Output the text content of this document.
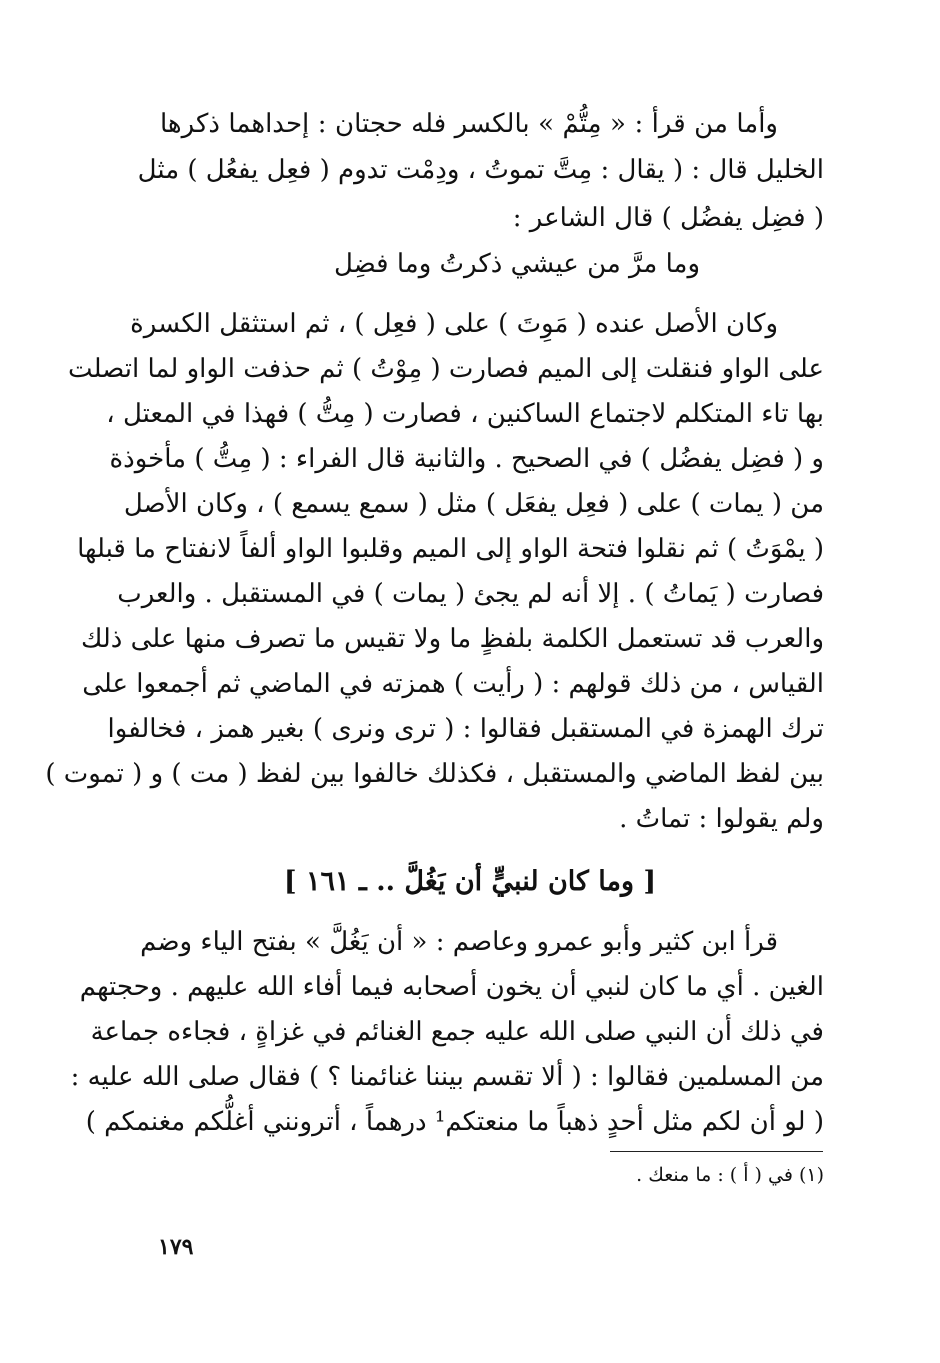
وأما من قرأ : « مِتُّمْ » بالكسر فله حجتان : إحداهما ذكرها
الخليل قال : ( يقال : مِتَّ تموتُ ، ودِمْت تدوم ( فعِل يفعُل ) مثل
( فضِل يفضُل ) قال الشاعر :
وما مرَّ من عيشي ذكرتُ وما فضِل
وكان الأصل عنده ( مَوِتَ ) على ( فعِل ) ، ثم استثقل الكسرة
على الواو فنقلت إلى الميم فصارت ( مِوْتُ ) ثم حذفت الواو لما اتصلت
بها تاء المتكلم لاجتماع الساكنين ، فصارت ( مِتُّ ) فهذا في المعتل ،
و ( فضِل يفضُل ) في الصحيح . والثانية قال الفراء : ( مِتُّ ) مأخوذة
من ( يمات ) على ( فعِل يفعَل ) مثل ( سمع يسمع ) ، وكان الأصل
( يمْوَتُ ) ثم نقلوا فتحة الواو إلى الميم وقلبوا الواو ألفاً لانفتاح ما قبلها
فصارت ( يَماتُ ) . إلا أنه لم يجئ ( يمات ) في المستقبل . والعرب
والعرب قد تستعمل الكلمة بلفظٍ ما ولا تقيس ما تصرف منها على ذلك
القياس ، من ذلك قولهم : ( رأيت ) همزته في الماضي ثم أجمعوا على
ترك الهمزة في المستقبل فقالوا : ( ترى ونرى ) بغير همز ، فخالفوا
بين لفظ الماضي والمستقبل ، فكذلك خالفوا بين لفظ ( مت ) و ( تموت )
ولم يقولوا : تماتُ .
[ وما كان لنبيٍّ أن يَغُلَّ .. ـ ١٦١ ]
قرأ ابن كثير وأبو عمرو وعاصم : « أن يَغُلَّ » بفتح الياء وضم
الغين . أي ما كان لنبي أن يخون أصحابه فيما أفاء الله عليهم . وحجتهم
في ذلك أن النبي صلى الله عليه جمع الغنائم في غزاةٍ ، فجاءه جماعة
من المسلمين فقالوا : ( ألا تقسم بيننا غنائمنا ؟ ) فقال صلى الله عليه :
( لو أن لكم مثل أحدٍ ذهباً ما منعتكم¹ درهماً ، أترونني أغلُّكم مغنمكم )
(١) في ( أ ) : ما منعك .
١٧٩
